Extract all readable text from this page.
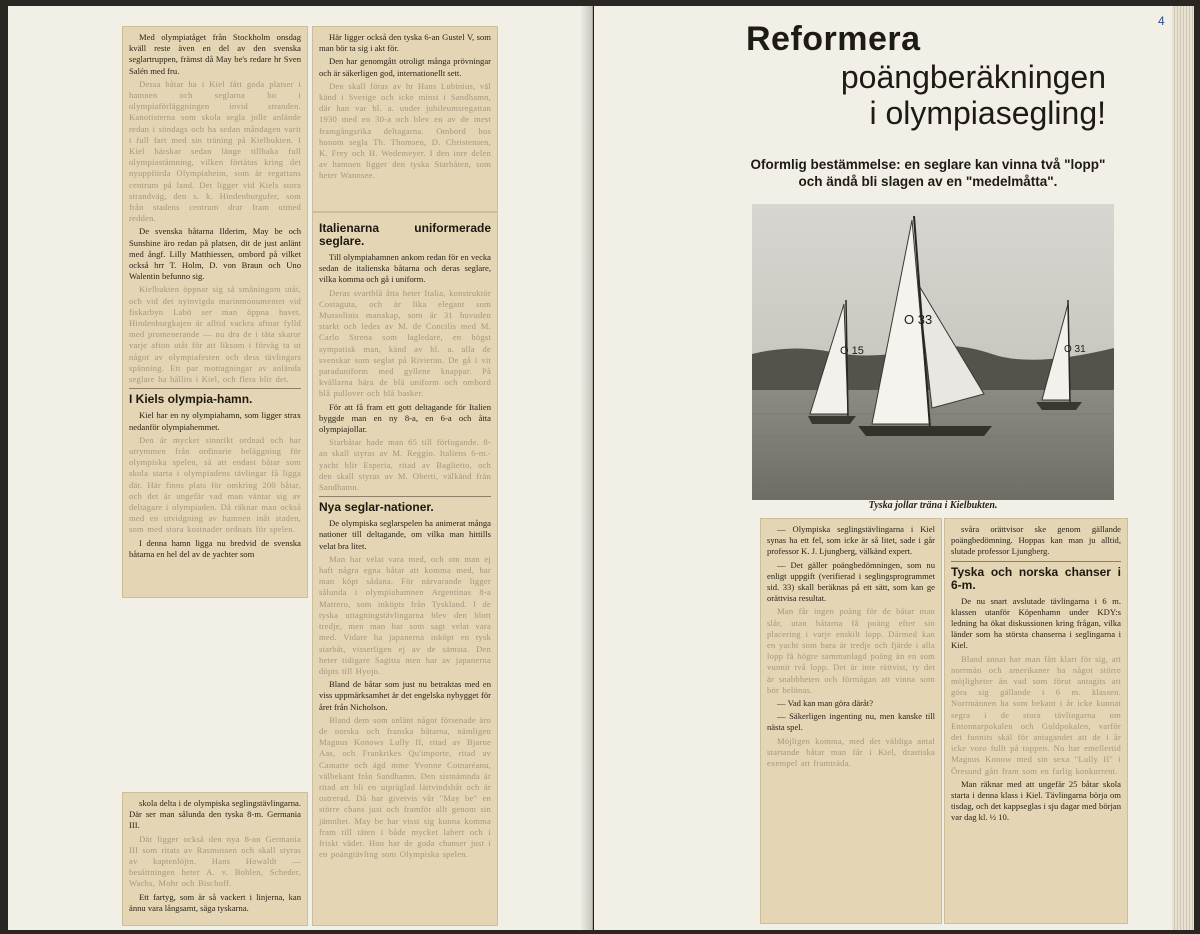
Med olympiatåget från Stockholm onsdag kväll reste även en del av den svenska seglartruppen, främst då May be's redare hr Sven Salén med fru.

Dessa båtar ha i Kiel fått goda platser i hamnen och seglarna bo i olympiaförläggningen invid stranden. Kanotisterna som skola segla jolle anlände redan i söndags och ha sedan måndagen varit i full fart med sin träning på Kielbukten. I Kiel härskar sedan länge tillbaka full olympiastämning, vilken förtätas kring det nyuppförda Olympiaheim, som är regattans centrum på land. Det ligger vid Kiels stora strandväg, den s. k. Hindenburgufer, som från stadens centrum drar fram utmed redden.

De svenska båtarna Ilderim, May be och Sunshine äro redan på platsen, dit de just anlänt med ångf. Lilly Matthiessen, ombord på vilket också hrr T. Holm, D. von Braun och Uno Walentin befunno sig.

Kielbukten öppnar sig så småningom utåt, och vid det nyinvigda marinmonumentet vid fiskarbyn Labö ser man öppna havet. Hindenburgkajen är alltid vackra aftnar fylld med promenerande — nu dra de i täta skaror varje afton utåt för att liksom i förväg ta ut något av olympiafesten och dess tävlingars spänning. Ett par mottagningar av anlända seglare ha hållits i Kiel, och flera blir det.

I Kiels olympia-hamn.

Kiel har en ny olympiahamn, som ligger strax nedanför olympiahemmet.

Den är mycket sinnrikt ordnad och har utrymmen från ordinarie beläggning för olympiska spelen, så att endast båtar som skola starta i olympiadens tävlingar få ligga där. Här finns plats för omkring 200 båtar, och det är ungefär vad man väntar sig av deltagare i olympiaden. Då räknar man också med en utvidgning av hamnen inåt staden, som med stora kostnader ordnats för spelen.

I denna hamn ligga nu bredvid de svenska båtarna en hel del av de yachter som

skola delta i de olympiska seglingstävlingarna. Där ser man sålunda den tyska 8-m. Germania III.

Där ligger också den nya 8-an Germania III som ritats av Rasmussen och skall styras av kaptenlöjtn. Hans Howaldt — besättningen heter A. v. Bohlen, Scheder, Wachs, Mohr och Bischoff.

Ett fartyg, som är så vackert i linjerna, kan ännu vara långsamt, säga tyskarna.

Här ligger också den tyska 6-an Gustel V, som man bör ta sig i akt för.

Den har genomgått otroligt många prövningar och är säkerligen god, internationellt sett.

Den skall föras av hr Hans Lubinius, väl känd i Sverige och icke minst i Sandhamn, där han var bl. a. under jubileumsregattan 1930 med en 30-a och blev en av de mest framgångsrika deltagarna. Ombord hos honom segla Th. Thomsen, D. Christensen, K. Frey och H. Wedemeyer. I den inre delen av hamnen ligger den tyska Starbåten, som heter Wannsee.

Italienarna uniformerade seglare.

Till olympiahamnen ankom redan för en vecka sedan de italienska båtarna och deras seglare, vilka komma och gå i uniform.

Deras svartblå åtta heter Italia, konstruktör Costaguta, och är lika elegant som Mussolinis manakap, som är 31 huvuden starkt och ledes av M. de Concilis med M. Carlo Strena som lagledare, en högst sympatisk man, känd av bl. a. alla de svenskar som seglat på Rivieran. De gå i vit paraduniform med gyllene knappar. På kvällarna bära de blå uniform och ombord blå pullover och blå basker.

För att få fram ett gott deltagande för Italien byggde man en ny 8-a, en 6-a och åtta olympiajollar.

Starbåtar hade man 65 till förfogande. 8-an skall styras av M. Reggio. Italiens 6-m.-yacht blir Esperia, ritad av Baglietto, och den skall styras av M. Oberti, välkänd från Sandhamn.

Nya seglar-nationer.

De olympiska seglarspelen ha animerat många nationer till deltagande, om vilka man hittills velat bra litet.

Man har velat vara med, och om man ej haft några egna båtar att komma med, har man köpt sådana. För närvarande ligger sålunda i olympiahamnen Argentinas 8-a Matrero, som inköpts från Tyskland. I de tyska uttagningstävlingarna blev den blott tredje, men man har som sagt velat vara med. Vidare ha japanerna inköpt en tysk starbåt, visserligen ej av de sämsta. Den heter tidigare Sagitta men har av japanerna döpts till Hyojo.

Bland de båtar som just nu betraktas med en viss uppmärksamhet är det engelska nybygget för året från Nicholson.

Bland dem som anlänt något försenade äro de norska och franska båtarna, nämligen Magnus Konows Lully II, ritad av Bjarne Aas, och Frankrikes Qu'importe, ritad av Camatte och ägd mme Yvonne Cotnaréanu, välbekant från Sandhamn. Den sistnämnda är ritad att bli en utpräglad lättvindsbåt och är ostrerad. Då har givetvis vår "May be" en större chans just och framför allt genom sin jämnhet. May be har visst sig kunna komma fram till täten i både mycket labert och i friskt väder. Hon har de goda chanser just i en poängtävling som Olympiska spelen.

4
Reformera
poängberäkningen
i olympiasegling!
Oformlig bestämmelse: en seglare kan vinna två "lopp" och ändå bli slagen av en "medelmåtta".
O 15
O 33
O 31
Tyska jollar träna i Kielbukten.

— Olympiska seglingstävlingarna i Kiel synas ha ett fel, som icke är så litet, sade i går professor K. J. Ljungberg, välkänd expert.

— Det gäller poängbedömningen, som nu enligt uppgift (verifierad i seglingsprogrammet sid. 33) skall beräknas på ett sätt, som kan ge orättvisa resultat.

Man får ingen poäng för de båtar man slår, utan båtarna få poäng efter sin placering i varje enskilt lopp. Därmed kan en yacht som bara är tredje och fjärde i alla lopp få högre sammanlagd poäng än en som vunnit två lopp. Det är inte rättvist, ty det är snabbheten och förmågan att vinna som bör belönas.

— Vad kan man göra däråt?

— Säkerligen ingenting nu, men kanske till nästa spel.

Möjligen komma, med det väldiga antal startande båtar man får i Kiel, drastiska exempel att framträda.

svåra orättvisor ske genom gällande poängbedömning. Hoppas kan man ju alltid, slutade professor Ljungberg.

Tyska och norska chanser i 6-m.

De nu snart avslutade tävlingarna i 6 m. klassen utanför Köpenhamn under KDY:s ledning ha ökat diskussionen kring frågan, vilka länder som ha största chanserna i seglingarna i Kiel.

Bland annat har man fått klart för sig, att norrmän och amerikaner ha något större möjligheter än vad som förut antagits att göra sig gällande i 6 m. klassen. Norrmännen ha som bekant i år icke kunnat segra i de stora tävlingarna om Entonnarpokalen och Guldpokalen, varför det funnits skäl för antagandet att de i år icke voro fullt på toppen. Nu har emellertid Magnus Konow med sin sexa "Lully II" i Öresund gått fram som en farlig konkurrent.

Man räknar med att ungefär 25 båtar skola starta i denna klass i Kiel. Tävlingarna börja om tisdag, och det kappseglas i sju dagar med början var dag kl. ½ 10.
